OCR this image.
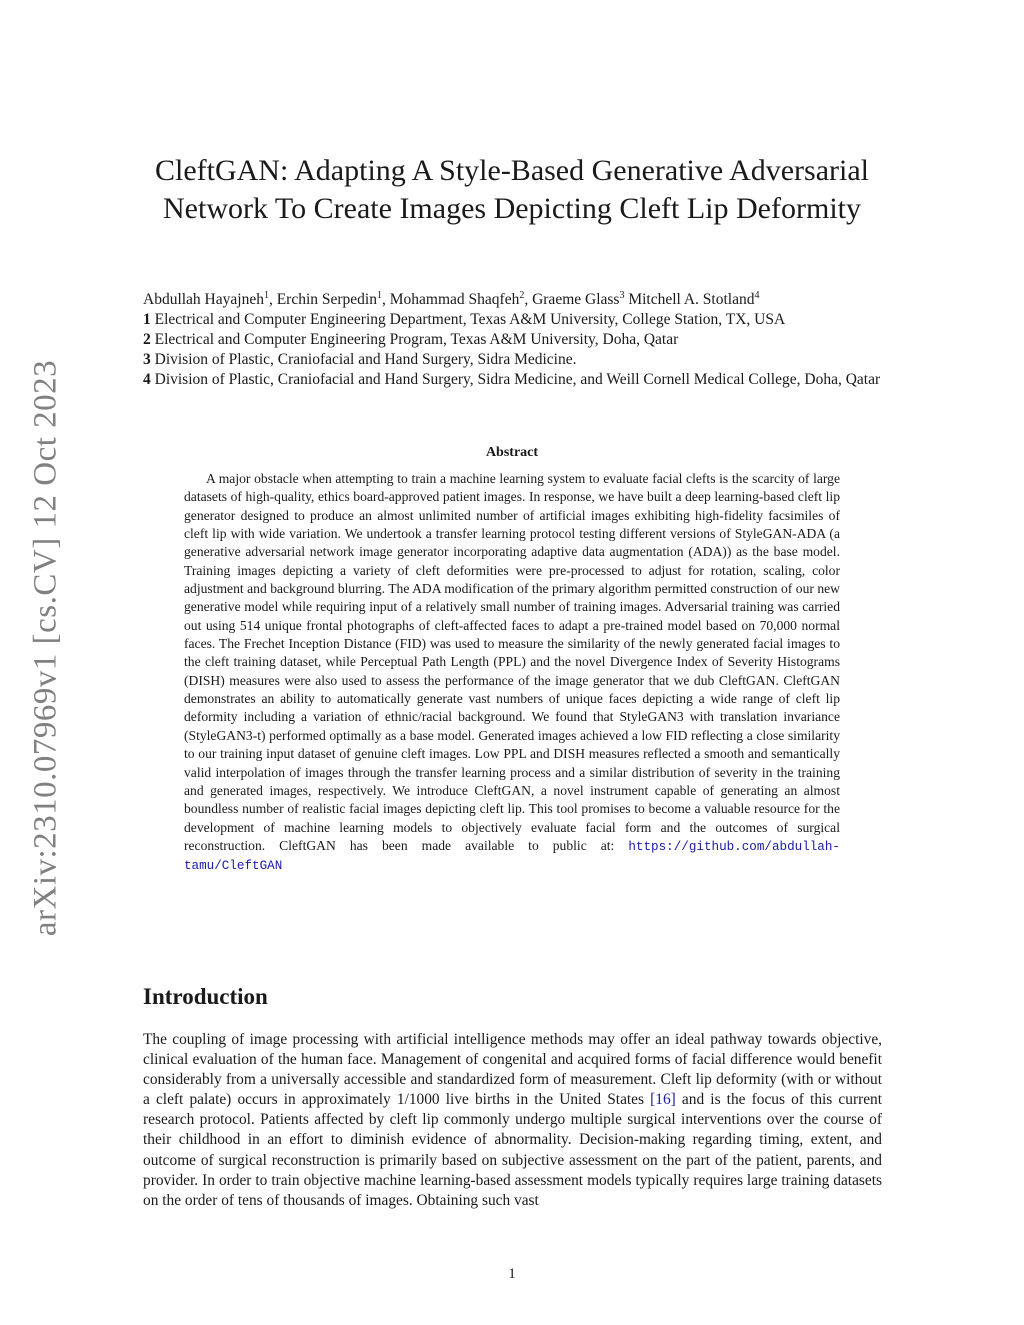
arXiv:2310.07969v1 [cs.CV] 12 Oct 2023
CleftGAN: Adapting A Style-Based Generative Adversarial
Network To Create Images Depicting Cleft Lip Deformity
Abdullah Hayajneh$^1$, Erchin Serpedin$^1$, Mohammad Shaqfeh$^2$, Graeme Glass$^3$ Mitchell A. Stotland$^4$

1 Electrical and Computer Engineering Department, Texas A&M University, College Station, TX, USA

2 Electrical and Computer Engineering Program, Texas A&M University, Doha, Qatar

3 Division of Plastic, Craniofacial and Hand Surgery, Sidra Medicine.

4 Division of Plastic, Craniofacial and Hand Surgery, Sidra Medicine, and Weill Cornell Medical College, Doha, Qatar

Abstract

A major obstacle when attempting to train a machine learning system to evaluate facial clefts is the scarcity of large datasets of high-quality, ethics board-approved patient images. In response, we have built a deep learning-based cleft lip generator designed to produce an almost unlimited number of artificial images exhibiting high-fidelity facsimiles of cleft lip with wide variation. We undertook a transfer learning protocol testing different versions of StyleGAN-ADA (a generative adversarial network image generator incorporating adaptive data augmentation (ADA)) as the base model. Training images depicting a variety of cleft deformities were pre-processed to adjust for rotation, scaling, color adjustment and background blurring. The ADA modification of the primary algorithm permitted construction of our new generative model while requiring input of a relatively small number of training images. Adversarial training was carried out using 514 unique frontal photographs of cleft-affected faces to adapt a pre-trained model based on 70,000 normal faces. The Frechet Inception Distance (FID) was used to measure the similarity of the newly generated facial images to the cleft training dataset, while Perceptual Path Length (PPL) and the novel Divergence Index of Severity Histograms (DISH) measures were also used to assess the performance of the image generator that we dub CleftGAN. CleftGAN demonstrates an ability to automatically generate vast numbers of unique faces depicting a wide range of cleft lip deformity including a variation of ethnic/racial background. We found that StyleGAN3 with translation invariance (StyleGAN3-t) performed optimally as a base model. Generated images achieved a low FID reflecting a close similarity to our training input dataset of genuine cleft images. Low PPL and DISH measures reflected a smooth and semantically valid interpolation of images through the transfer learning process and a similar distribution of severity in the training and generated images, respectively. We introduce CleftGAN, a novel instrument capable of generating an almost boundless number of realistic facial images depicting cleft lip. This tool promises to become a valuable resource for the development of machine learning models to objectively evaluate facial form and the outcomes of surgical reconstruction. CleftGAN has been made available to public at: https://github.com/abdullah-tamu/CleftGAN

Introduction

The coupling of image processing with artificial intelligence methods may offer an ideal pathway towards objective, clinical evaluation of the human face. Management of congenital and acquired forms of facial difference would benefit considerably from a universally accessible and standardized form of measurement. Cleft lip deformity (with or without a cleft palate) occurs in approximately 1/1000 live births in the United States [16] and is the focus of this current research protocol. Patients affected by cleft lip commonly undergo multiple surgical interventions over the course of their childhood in an effort to diminish evidence of abnormality. Decision-making regarding timing, extent, and outcome of surgical reconstruction is primarily based on subjective assessment on the part of the patient, parents, and provider. In order to train objective machine learning-based assessment models typically requires large training datasets on the order of tens of thousands of images. Obtaining such vast

1
